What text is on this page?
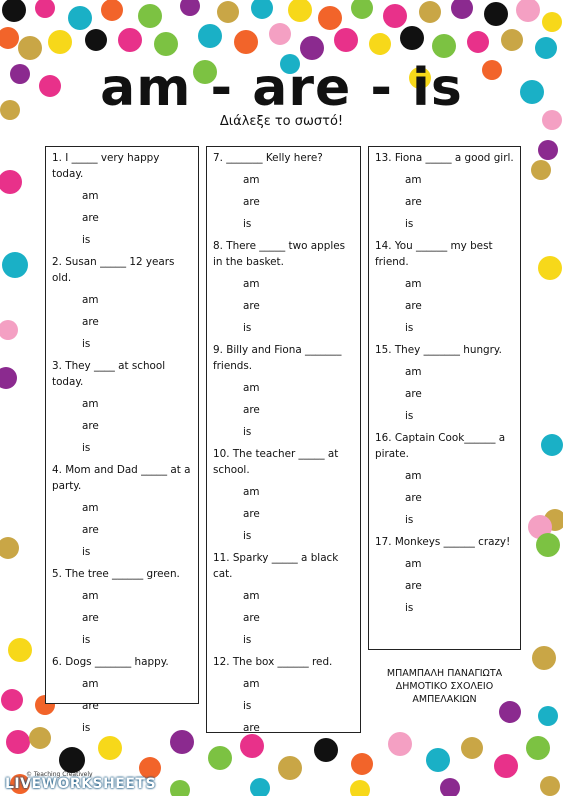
am - are - is
Διάλεξε το σωστό!
1. I _____ very happy today.
am
are
is
2. Susan _____ 12 years old.
am
are
is
3. They ____ at school today.
am
are
is
4. Mom and Dad _____ at a party.
am
are
is
5. The tree ______ green.
am
are
is
6. Dogs _______ happy.
am
are
is
7. _______ Kelly here?
am
are
is
8. There _____ two apples in the basket.
am
are
is
9. Billy and Fiona _______ friends.
am
are
is
10. The teacher _____ at school.
am
are
is
11. Sparky _____ a black cat.
am
are
is
12. The box ______ red.
am
is
are
13. Fiona _____ a good girl.
am
are
is
14. You ______ my best friend.
am
are
is
15. They _______ hungry.
am
are
is
16. Captain Cook______ a pirate.
am
are
is
17. Monkeys ______ crazy!
am
are
is
ΜΠΑΜΠΑΛΗ ΠΑΝΑΓΙΩΤΑ
ΔΗΜΟΤΙΚΟ ΣΧΟΛΕΙΟ
ΑΜΠΕΛΑΚΙΩΝ
© Teaching Creatively
LIVEWORKSHEETS
